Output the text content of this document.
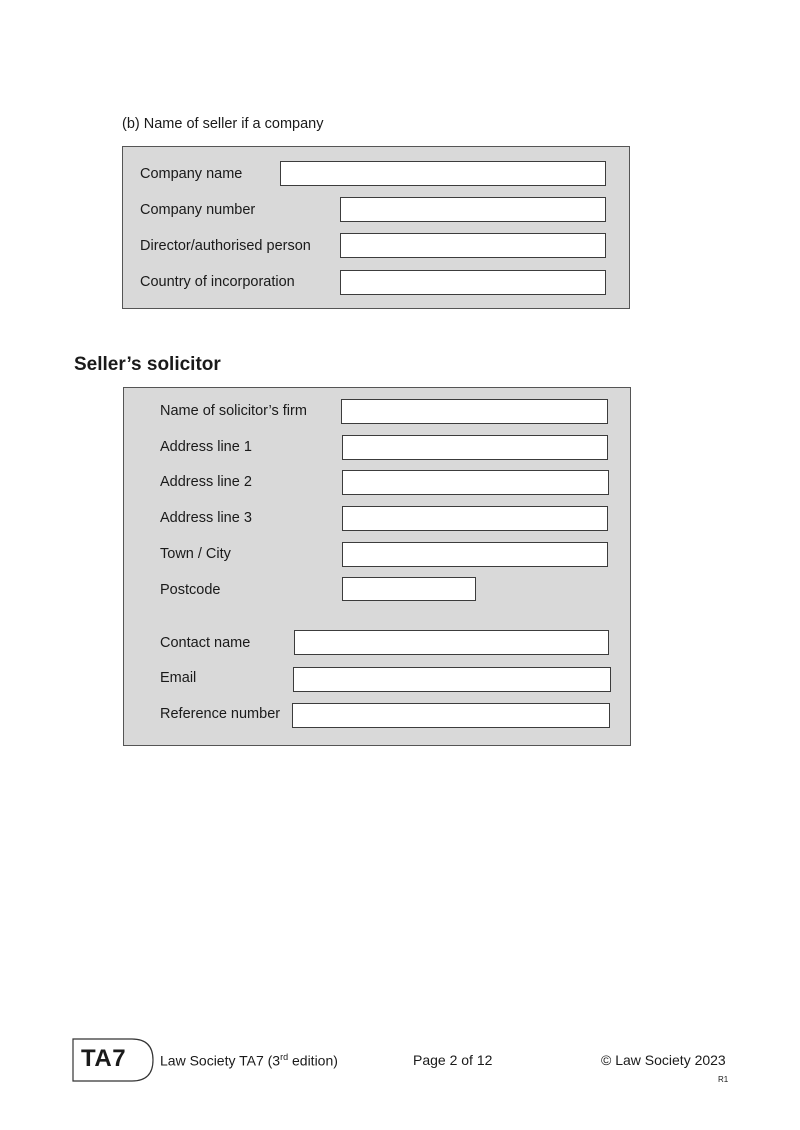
(b) Name of seller if a company
Company name
Company number
Director/authorised person
Country of incorporation
Seller’s solicitor
Name of solicitor’s firm
Address line 1
Address line 2
Address line 3
Town / City
Postcode
Contact name
Email
Reference number
TA7 Law Society TA7 (3rd edition)	Page 2 of 12	© Law Society 2023
R1
